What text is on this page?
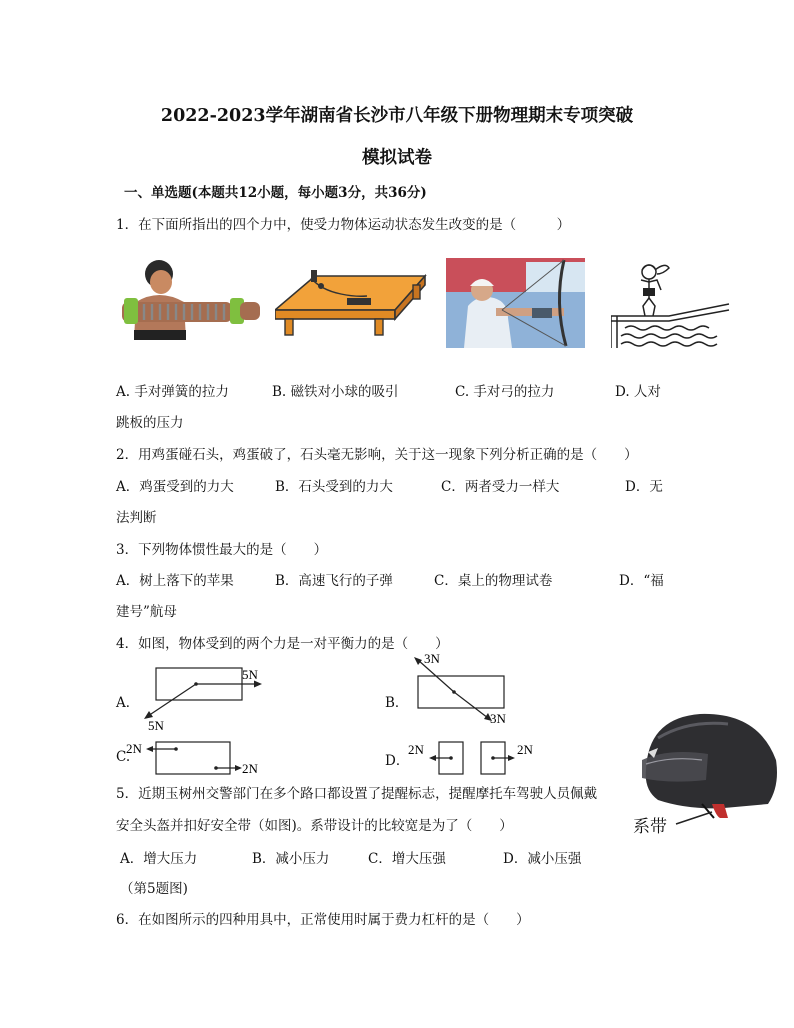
2022-2023学年湖南省长沙市八年级下册物理期末专项突破
模拟试卷
一、单选题(本题共12小题，每小题3分，共36分)
1．在下面所指出的四个力中，使受力物体运动状态发生改变的是（　　　）
A. 手对弹簧的拉力	B. 磁铁对小球的吸引	C. 手对弓的拉力	D. 人对
跳板的压力
2．用鸡蛋碰石头，鸡蛋破了，石头毫无影响，关于这一现象下列分析正确的是（　　）
A．鸡蛋受到的力大	B．石头受到的力大	C．两者受力一样大	D．无
法判断
3．下列物体惯性最大的是（　　）
A．树上落下的苹果	B．高速飞行的子弹	C．桌上的物理试卷	D．“福
建号”航母
4．如图，物体受到的两个力是一对平衡力的是（　　）
A．
5N
5N
B．
3N
3N
C.
2N
2N	D．
2N	2N
系带
5．近期玉树州交警部门在多个路口都设置了提醒标志，提醒摩托车驾驶人员佩戴
安全头盔并扣好安全带（如图)。系带设计的比较宽是为了（　　）
A．增大压力	B．减小压力	C．增大压强	D．减小压强
（第5题图)
6．在如图所示的四种用具中，正常使用时属于费力杠杆的是（　　）
